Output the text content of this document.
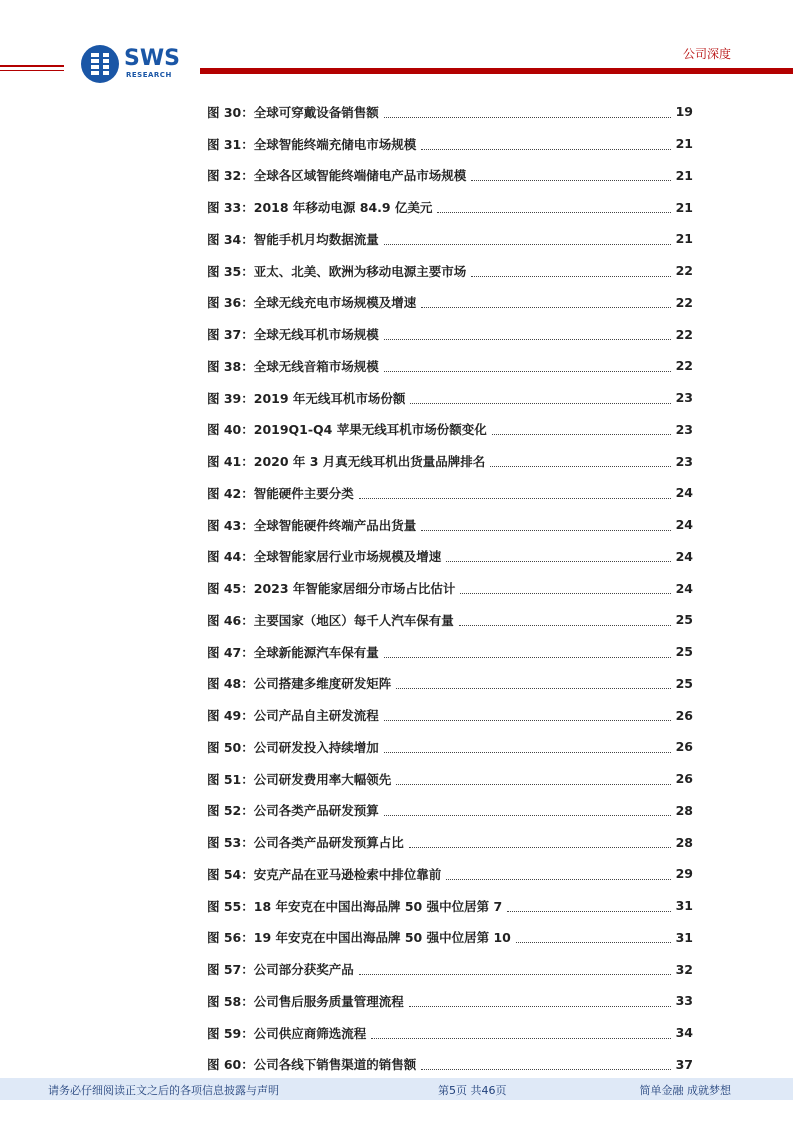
SWS
RESEARCH
公司深度
图 30：全球可穿戴设备销售额	19
图 31：全球智能终端充储电市场规模	21
图 32：全球各区域智能终端储电产品市场规模	21
图 33：2018 年移动电源 84.9 亿美元	21
图 34：智能手机月均数据流量	21
图 35：亚太、北美、欧洲为移动电源主要市场	22
图 36：全球无线充电市场规模及增速	22
图 37：全球无线耳机市场规模	22
图 38：全球无线音箱市场规模	22
图 39：2019 年无线耳机市场份额	23
图 40：2019Q1-Q4 苹果无线耳机市场份额变化	23
图 41：2020 年 3 月真无线耳机出货量品牌排名	23
图 42：智能硬件主要分类	24
图 43：全球智能硬件终端产品出货量	24
图 44：全球智能家居行业市场规模及增速	24
图 45：2023 年智能家居细分市场占比估计	24
图 46：主要国家（地区）每千人汽车保有量	25
图 47：全球新能源汽车保有量	25
图 48：公司搭建多维度研发矩阵	25
图 49：公司产品自主研发流程	26
图 50：公司研发投入持续增加	26
图 51：公司研发费用率大幅领先	26
图 52：公司各类产品研发预算	28
图 53：公司各类产品研发预算占比	28
图 54：安克产品在亚马逊检索中排位靠前	29
图 55：18 年安克在中国出海品牌 50 强中位居第 7	31
图 56：19 年安克在中国出海品牌 50 强中位居第 10	31
图 57：公司部分获奖产品	32
图 58：公司售后服务质量管理流程	33
图 59：公司供应商筛选流程	34
图 60：公司各线下销售渠道的销售额	37
请务必仔细阅读正文之后的各项信息披露与声明	第5页 共46页	简单金融 成就梦想
